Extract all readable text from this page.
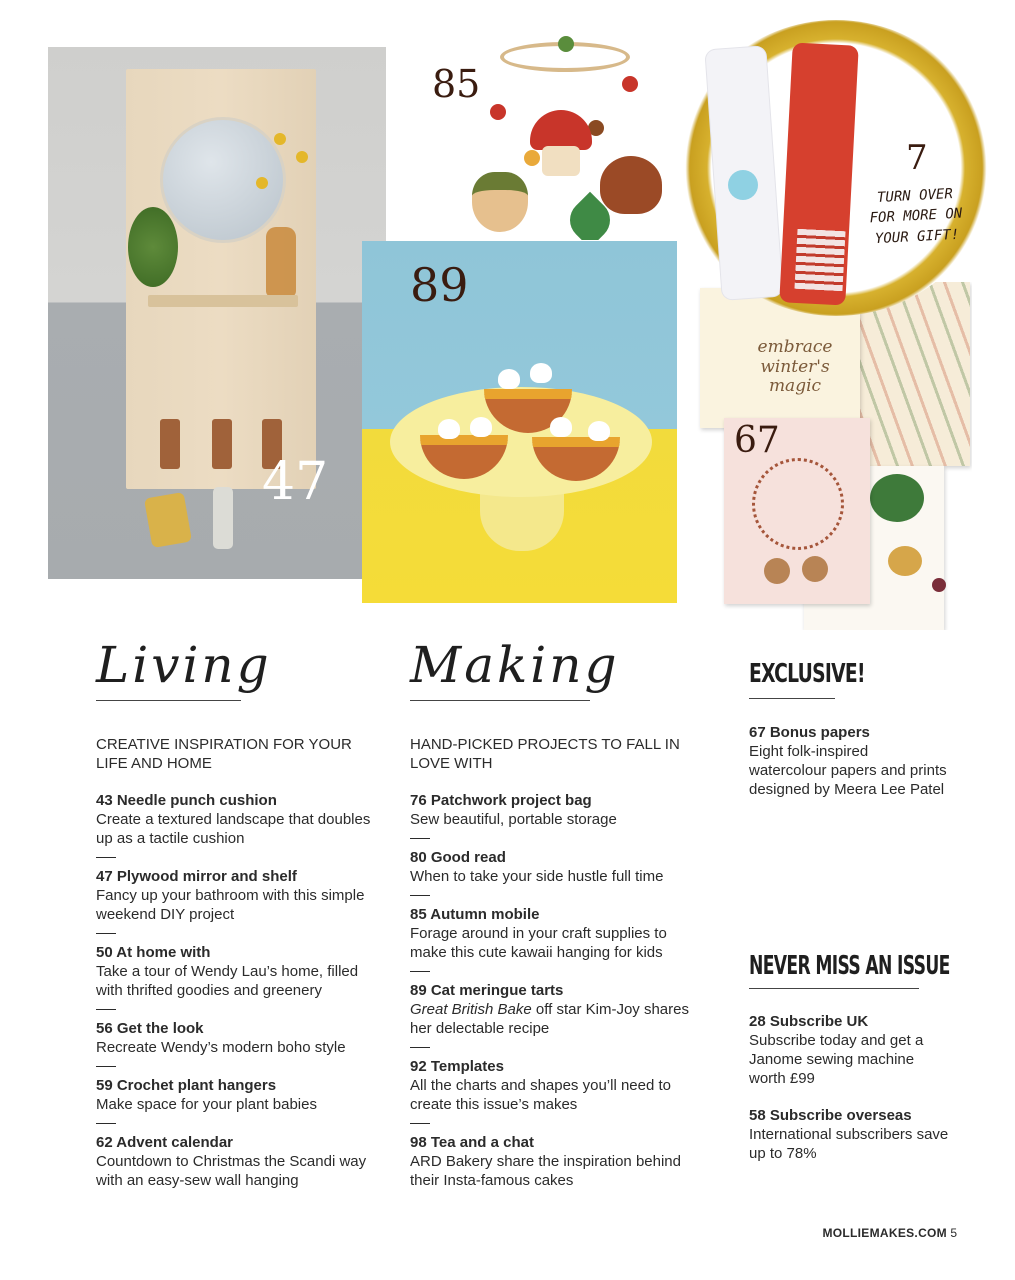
47
85
89
embrace winter's magic
67
7
TURN OVER FOR MORE ON YOUR GIFT!
Living
CREATIVE INSPIRATION FOR YOUR LIFE AND HOME
43 Needle punch cushion
Create a textured landscape that doubles up as a tactile cushion
47 Plywood mirror and shelf
Fancy up your bathroom with this simple weekend DIY project
50 At home with
Take a tour of Wendy Lau’s home, filled with thrifted goodies and greenery
56 Get the look
Recreate Wendy’s modern boho style
59 Crochet plant hangers
Make space for your plant babies
62 Advent calendar
Countdown to Christmas the Scandi way with an easy-sew wall hanging
Making
HAND-PICKED PROJECTS TO FALL IN LOVE WITH
76 Patchwork project bag
Sew beautiful, portable storage
80 Good read
When to take your side hustle full time
85 Autumn mobile
Forage around in your craft supplies to make this cute kawaii hanging for kids
89 Cat meringue tarts
Great British Bake off star Kim-Joy shares her delectable recipe
92 Templates
All the charts and shapes you’ll need to create this issue’s makes
98 Tea and a chat
ARD Bakery share the inspiration behind their Insta-famous cakes
EXCLUSIVE!
67 Bonus papers
Eight folk-inspired watercolour papers and prints designed by Meera Lee Patel
NEVER MISS AN ISSUE
28 Subscribe UK
Subscribe today and get a Janome sewing machine worth £99
58 Subscribe overseas
International subscribers save up to 78%
MOLLIEMAKES.COM 5
